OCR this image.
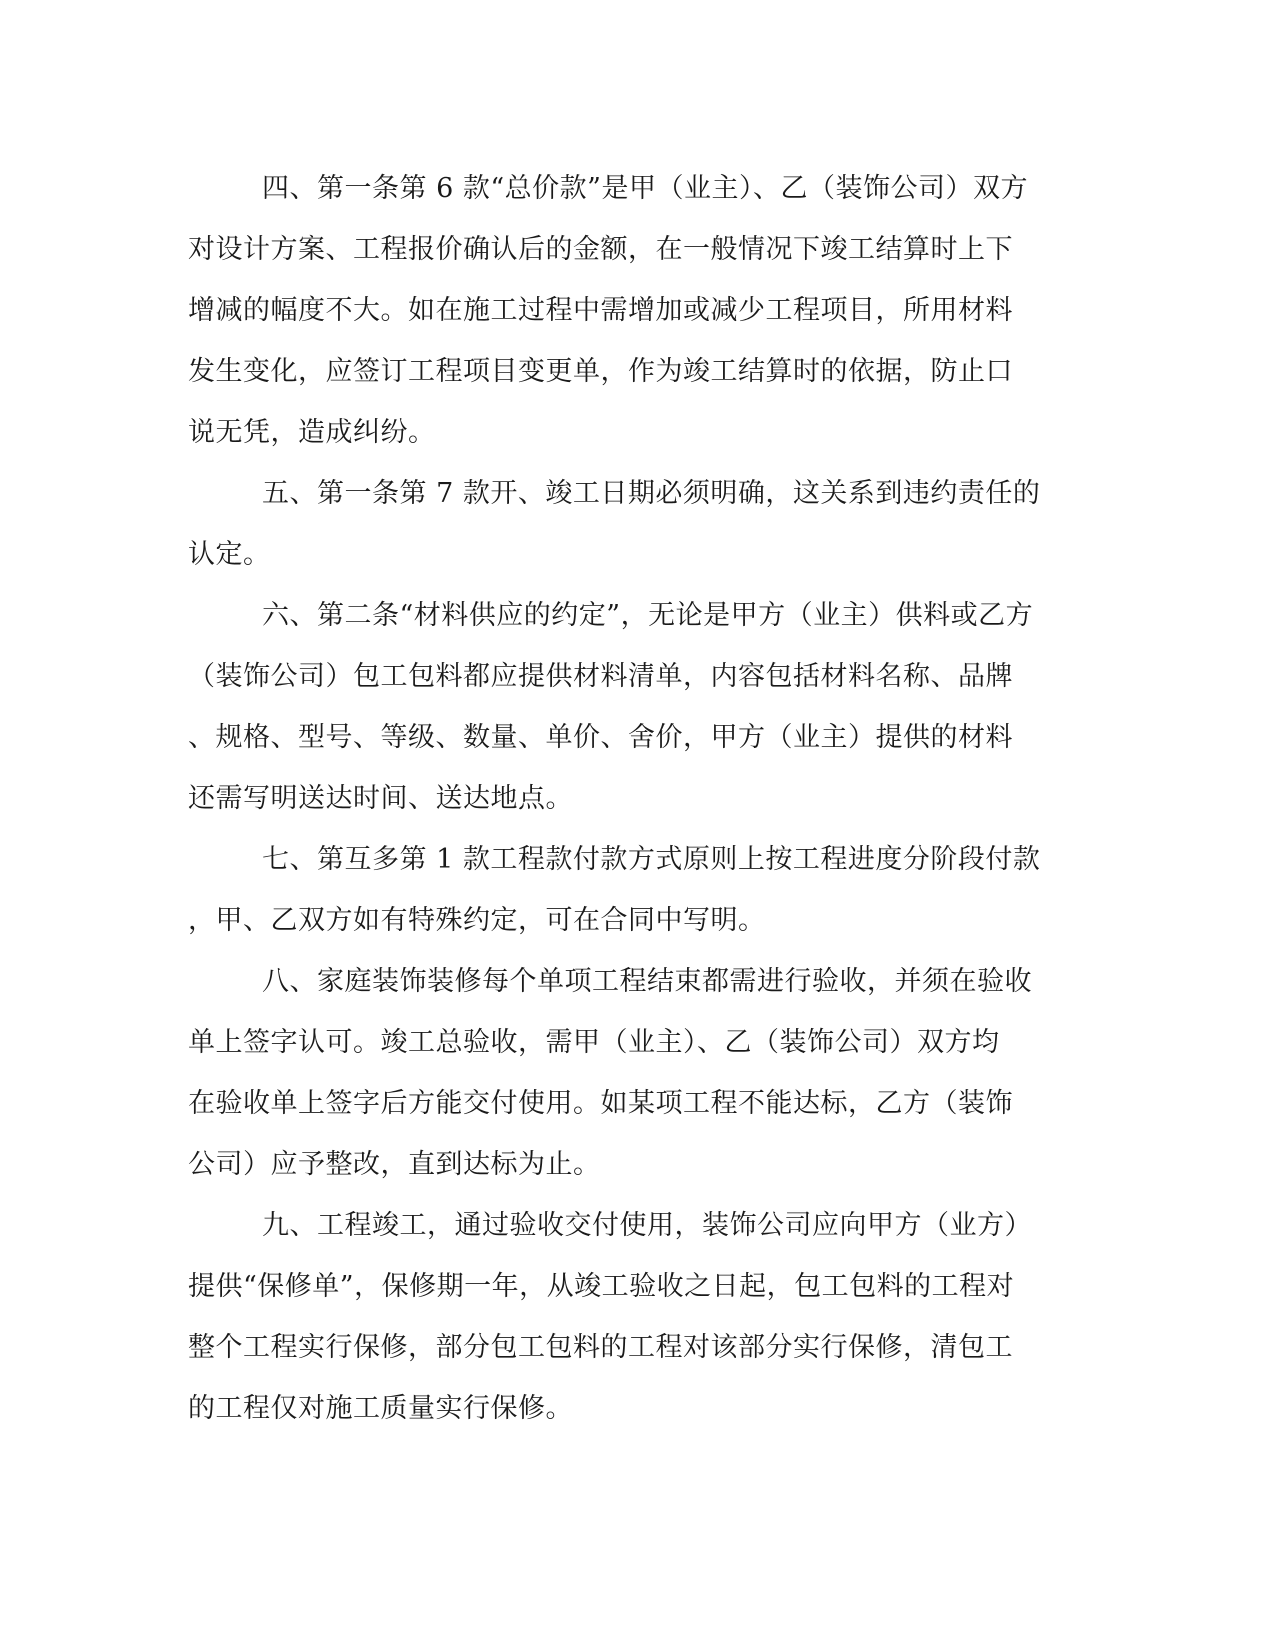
四、第一条第 6 款“总价款”是甲（业主）、乙（装饰公司）双方
对设计方案、工程报价确认后的金额，在一般情况下竣工结算时上下
增减的幅度不大。如在施工过程中需增加或减少工程项目，所用材料
发生变化，应签订工程项目变更单，作为竣工结算时的依据，防止口
说无凭，造成纠纷。
五、第一条第 7 款开、竣工日期必须明确，这关系到违约责任的
认定。
六、第二条“材料供应的约定”，无论是甲方（业主）供料或乙方
（装饰公司）包工包料都应提供材料清单，内容包括材料名称、品牌
、规格、型号、等级、数量、单价、舍价，甲方（业主）提供的材料
还需写明送达时间、送达地点。
七、第互多第 1 款工程款付款方式原则上按工程进度分阶段付款
，甲、乙双方如有特殊约定，可在合同中写明。
八、家庭装饰装修每个单项工程结束都需进行验收，并须在验收
单上签字认可。竣工总验收，需甲（业主）、乙（装饰公司）双方均
在验收单上签字后方能交付使用。如某项工程不能达标，乙方（装饰
公司）应予整改，直到达标为止。
九、工程竣工，通过验收交付使用，装饰公司应向甲方（业方）
提供“保修单”，保修期一年，从竣工验收之日起，包工包料的工程对
整个工程实行保修，部分包工包料的工程对该部分实行保修，清包工
的工程仅对施工质量实行保修。
